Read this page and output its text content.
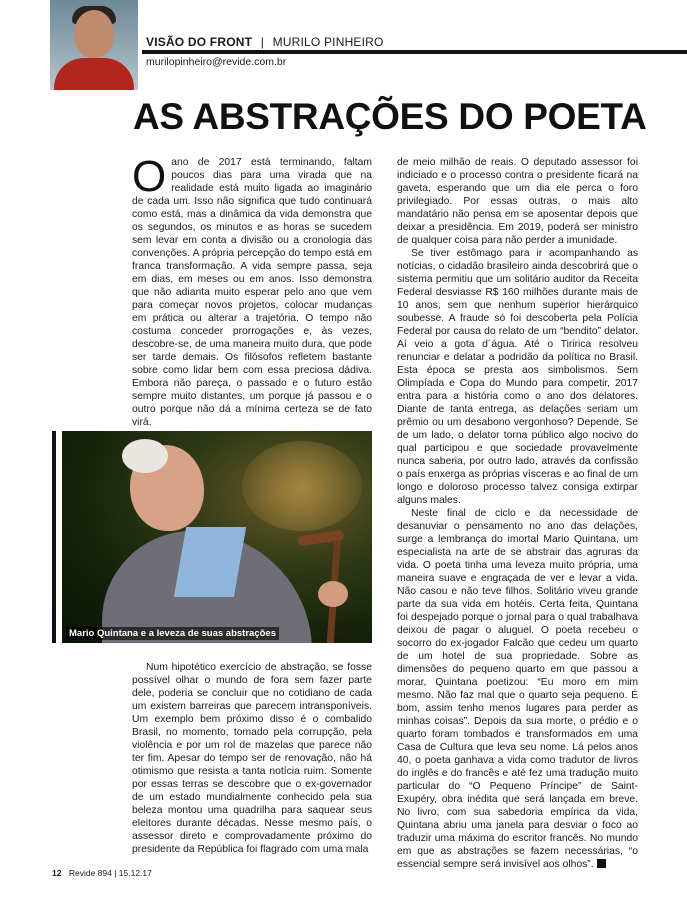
VISÃO DO FRONT | MURILO PINHEIRO
murilopinheiro@revide.com.br
AS ABSTRAÇÕES DO POETA

Oano de 2017 está terminando, faltam poucos dias para uma virada que na realidade está muito ligada ao imaginário de cada um. Isso não significa que tudo continuará como está, mas a dinâmica da vida demonstra que os segundos, os minutos e as horas se sucedem sem levar em conta a divisão ou a cronologia das convenções. A própria percepção do tempo está em franca transformação. A vida sempre passa, seja em dias, em meses ou em anos. Isso demonstra que não adianta muito esperar pelo ano que vem para começar novos projetos, colocar mudanças em prática ou alterar a trajetória. O tempo não costuma conceder prorrogações e, às vezes, descobre-se, de uma maneira muito dura, que pode ser tarde demais. Os filósofos refletem bastante sobre como lidar bem com essa preciosa dádiva. Embora não pareça, o passado e o futuro estão sempre muito distantes, um porque já passou e o outro porque não dá a mínima certeza se de fato virá.

Mario Quintana e a leveza de suas abstrações

Num hipotético exercício de abstração, se fosse possível olhar o mundo de fora sem fazer parte dele, poderia se concluir que no cotidiano de cada um existem barreiras que parecem intransponíveis. Um exemplo bem próximo disso é o combalido Brasil, no momento, tomado pela corrupção, pela violência e por um rol de mazelas que parece não ter fim. Apesar do tempo ser de renovação, não há otimismo que resista a tanta notícia ruim. Somente por essas terras se descobre que o ex-governador de um estado mundialmente conhecido pela sua beleza montou uma quadrilha para saquear seus eleitores durante décadas. Nesse mesmo país, o assessor direto e comprovadamente próximo do presidente da República foi flagrado com uma mala

de meio milhão de reais. O deputado assessor foi indiciado e o processo contra o presidente ficará na gaveta, esperando que um dia ele perca o foro privilegiado. Por essas outras, o mais alto mandatário não pensa em se aposentar depois que deixar a presidência. Em 2019, poderá ser ministro de qualquer coisa para não perder a imunidade.

Se tiver estômago para ir acompanhando as notícias, o cidadão brasileiro ainda descobrirá que o sistema permitiu que um solitário auditor da Receita Federal desviasse R$ 160 milhões durante mais de 10 anos, sem que nenhum superior hierárquico soubesse. A fraude só foi descoberta pela Polícia Federal por causa do relato de um “bendito” delator. Aí veio a gota d´água. Até o Tiririca resolveu renunciar e delatar a podridão da política no Brasil. Esta época se presta aos simbolismos. Sem Olimpíada e Copa do Mundo para competir, 2017 entra para a história como o ano dos delatores. Diante de tanta entrega, as delações seriam um prêmio ou um desabono vergonhoso? Depende. Se de um lado, o delator torna público algo nocivo do qual participou e que sociedade provavelmente nunca saberia, por outro lado, através da confissão o país enxerga as próprias vísceras e ao final de um longo e doloroso processo talvez consiga extirpar alguns males.

Neste final de ciclo e da necessidade de desanuviar o pensamento no ano das delações, surge a lembrança do imortal Mario Quintana, um especialista na arte de se abstrair das agruras da vida. O poeta tinha uma leveza muito própria, uma maneira suave e engraçada de ver e levar a vida. Não casou e não teve filhos. Solitário viveu grande parte da sua vida em hotéis. Certa feita, Quintana foi despejado porque o jornal para o qual trabalhava deixou de pagar o aluguel. O poeta recebeu o socorro do ex-jogador Falcão que cedeu um quarto de um hotel de sua propriedade. Sobre as dimensões do pequeno quarto em que passou a morar, Quintana poetizou: “Eu moro em mim mesmo. Não faz mal que o quarto seja pequeno. É bom, assim tenho menos lugares para perder as minhas coisas”. Depois da sua morte, o prédio e o quarto foram tombados e transformados em uma Casa de Cultura que leva seu nome. Lá pelos anos 40, o poeta ganhava a vida como tradutor de livros do inglês e do francês e até fez uma tradução muito particular do “O Pequeno Príncipe” de Saint-Exupéry, obra inédita que será lançada em breve. No livro, com sua sabedoria empírica da vida, Quintana abriu uma janela para desviar o foco ao traduzir uma máxima do escritor francês. No mundo em que as abstrações se fazem necessárias, “o essencial sempre será invisível aos olhos”.

12 Revide 894 | 15.12.17
